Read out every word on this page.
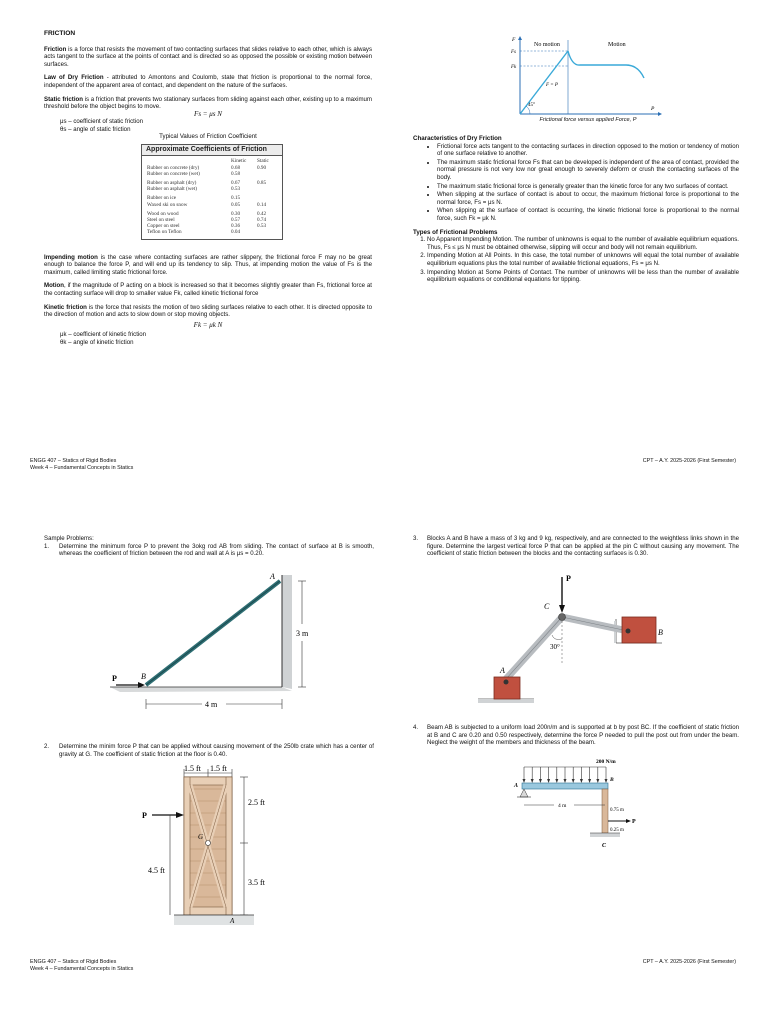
FRICTION

Friction is a force that resists the movement of two contacting surfaces that slides relative to each other, which is always acts tangent to the surface at the points of contact and is directed so as opposed the possible or existing motion between surfaces.

Law of Dry Friction - attributed to Amontons and Coulomb, state that friction is proportional to the normal force, independent of the apparent area of contact, and dependent on the nature of the surfaces.

Static friction is a friction that prevents two stationary surfaces from sliding against each other, existing up to a maximum threshold before the object begins to move.

Fs = μs N

μs – coefficient of static friction

θs – angle of static friction

Typical Values of Friction Coefficient

Approximate Coefficients of Friction
Kinetic	Static
Rubber on concrete (dry)	0.68	0.90
Rubber on concrete (wet)	0.58
Rubber on asphalt (dry)	0.67	0.85
Rubber on asphalt (wet)	0.53
Rubber on ice	0.15
Waxed ski on snow	0.05	0.14
Wood on wood	0.30	0.42
Steel on steel	0.57	0.74
Copper on steel	0.36	0.53
Teflon on Teflon	0.04

Impending motion is the case where contacting surfaces are rather slippery, the frictional force F may no be great enough to balance the force P, and will end up its tendency to slip. Thus, at impending motion the value of Fs is the maximum, called limiting static frictional force.

Motion, if the magnitude of P acting on a block is increased so that it becomes slightly greater than Fs, frictional force at the contacting surface will drop to smaller value Fk, called kinetic frictional force

Kinetic friction is the force that resists the motion of two sliding surfaces relative to each other. It is directed opposite to the direction of motion and acts to slow down or stop moving objects.

Fk = μk N

μk – coefficient of kinetic friction

θk – angle of kinetic friction

No motion	Motion
F
Fs
Fk
F = P
45°
P

Frictional force versus applied Force, P

Characteristics of Dry Friction

• Frictional force acts tangent to the contacting surfaces in direction opposed to the motion or tendency of motion of one surface relative to another.
• The maximum static frictional force Fs that can be developed is independent of the area of contact, provided the normal pressure is not very low nor great enough to severely deform or crush the contacting surfaces of the body.
• The maximum static frictional force is generally greater than the kinetic force for any two surfaces of contact.
• When slipping at the surface of contact is about to occur, the maximum frictional force is proportional to the normal force, Fs = μs N.
• When slipping at the surface of contact is occurring, the kinetic frictional force is proportional to the normal force, such Fk = μk N.

Types of Frictional Problems

1. No Apparent Impending Motion. The number of unknowns is equal to the number of available equilibrium equations. Thus, Fs ≤ μs N must be obtained otherwise, slipping will occur and body will not remain equilibrium.
2. Impending Motion at All Points. In this case, the total number of unknowns will equal the total number of available equilibrium equations plus the total number of available frictional equations, Fs = μs N.
3. Impending Motion at Some Points of Contact. The number of unknowns will be less than the number of available equilibrium equations or conditional equations for tipping.

ENGG 407 – Statics of Rigid Bodies

Week 4 – Fundamental Concepts in Statics

CPT – A.Y. 2025-2026 (First Semester)

Sample Problems:

1.	Determine the minimum force P to prevent the 3okg rod AB from sliding. The contact of surface at B is smooth, whereas the coefficient of friction between the rod and wall at A is μs = 0.20.
A
B
P
3 m
4 m
2.	Determine the minim force P that can be applied without causing movement of the 250lb crate which has a center of gravity at G. The coefficient of static friction at the floor is 0.40.
1.5 ft 1.5 ft
G
P
2.5 ft
3.5 ft
4.5 ft
A
3.	Blocks A and B have a mass of 3 kg and 9 kg, respectively, and are connected to the weightless links shown in the figure. Determine the largest vertical force P that can be applied at the pin C without causing any movement. The coefficient of static friction between the blocks and the contacting surfaces is 0.30.
P
C
B
A
30°
4.	Beam AB is subjected to a uniform load 200n/m and is supported at b by post BC. If the coefficient of static friction at B and C are 0.20 and 0.50 respectively, determine the force P needed to pull the post out from under the beam. Neglect the weight of the members and thickness of the beam.
200 N/m
A
B
C
P
4 m
0.75 m
0.25 m

ENGG 407 – Statics of Rigid Bodies

Week 4 – Fundamental Concepts in Statics

CPT – A.Y. 2025-2026 (First Semester)
